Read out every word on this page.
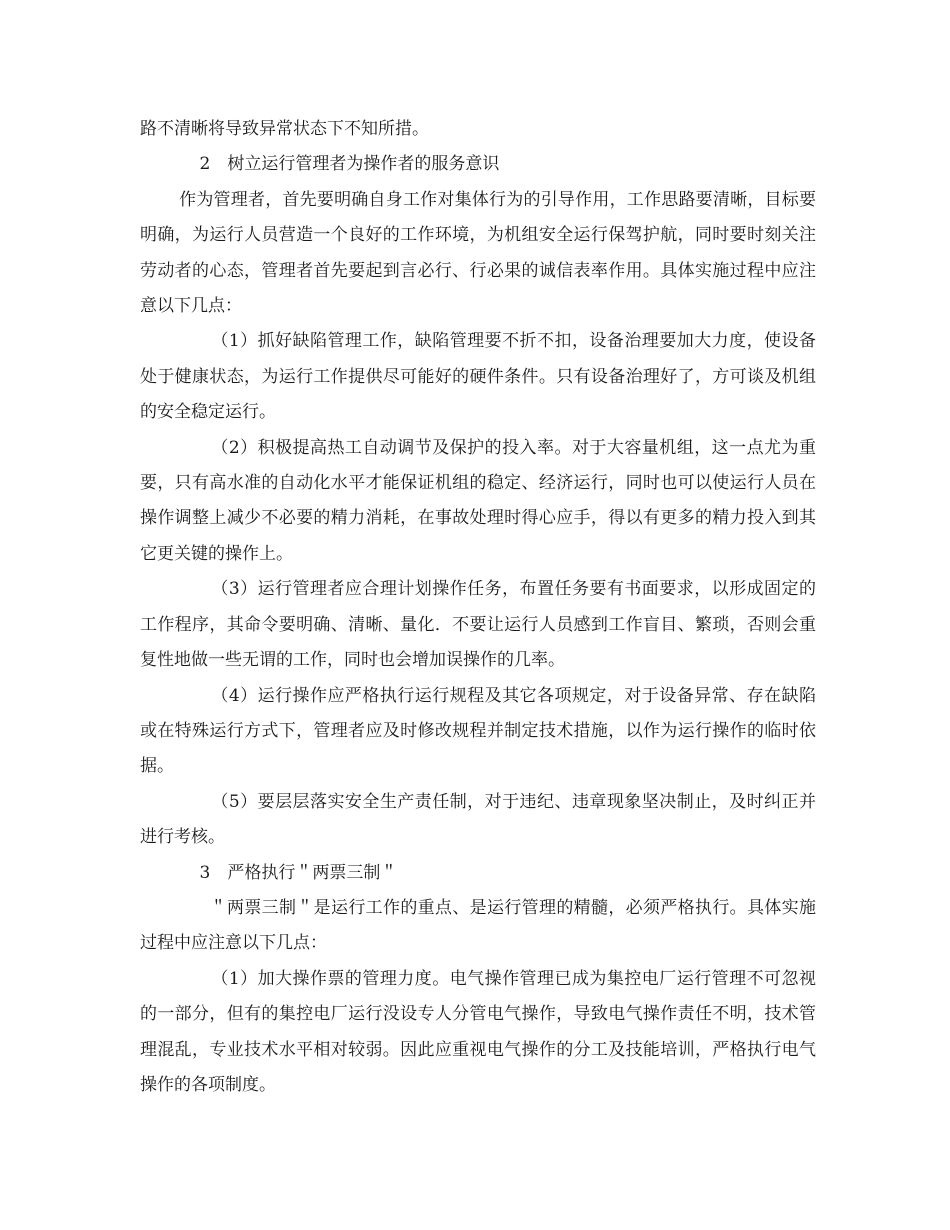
路不清晰将导致异常状态下不知所措。

2　树立运行管理者为操作者的服务意识

作为管理者，首先要明确自身工作对集体行为的引导作用，工作思路要清晰，目标要明确，为运行人员营造一个良好的工作环境，为机组安全运行保驾护航，同时要时刻关注劳动者的心态，管理者首先要起到言必行、行必果的诚信表率作用。具体实施过程中应注意以下几点：

（1）抓好缺陷管理工作，缺陷管理要不折不扣，设备治理要加大力度，使设备处于健康状态，为运行工作提供尽可能好的硬件条件。只有设备治理好了，方可谈及机组的安全稳定运行。

（2）积极提高热工自动调节及保护的投入率。对于大容量机组，这一点尤为重要，只有高水准的自动化水平才能保证机组的稳定、经济运行，同时也可以使运行人员在操作调整上减少不必要的精力消耗，在事故处理时得心应手，得以有更多的精力投入到其它更关键的操作上。

（3）运行管理者应合理计划操作任务，布置任务要有书面要求，以形成固定的工作程序，其命令要明确、清晰、量化．不要让运行人员感到工作盲目、繁琐，否则会重复性地做一些无谓的工作，同时也会增加误操作的几率。

（4）运行操作应严格执行运行规程及其它各项规定，对于设备异常、存在缺陷或在特殊运行方式下，管理者应及时修改规程并制定技术措施，以作为运行操作的临时依据。

（5）要层层落实安全生产责任制，对于违纪、违章现象坚决制止，及时纠正并进行考核。

3　严格执行＂两票三制＂

＂两票三制＂是运行工作的重点、是运行管理的精髓，必须严格执行。具体实施过程中应注意以下几点：

（1）加大操作票的管理力度。电气操作管理已成为集控电厂运行管理不可忽视的一部分，但有的集控电厂运行没设专人分管电气操作，导致电气操作责任不明，技术管理混乱，专业技术水平相对较弱。因此应重视电气操作的分工及技能培训，严格执行电气操作的各项制度。
